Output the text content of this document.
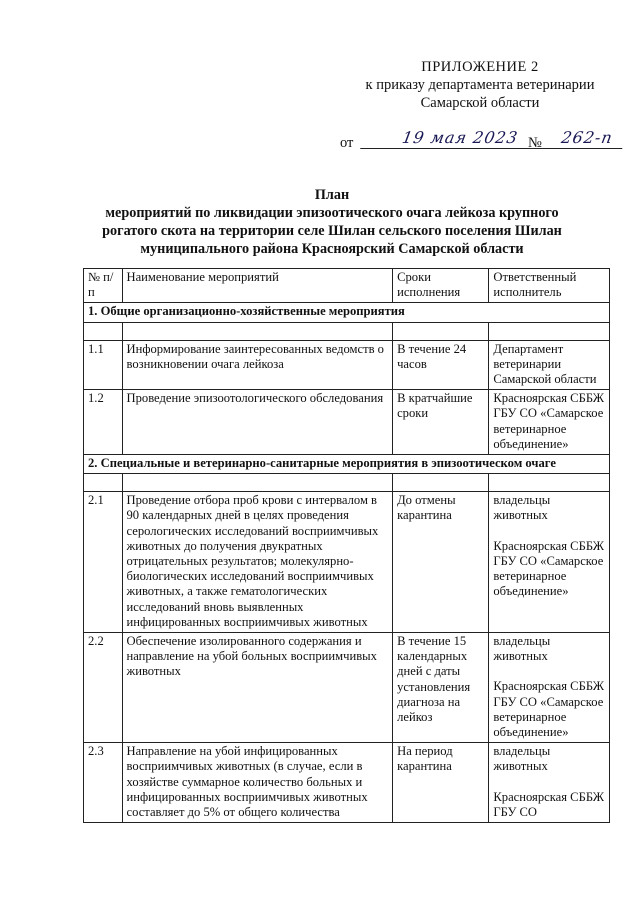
ПРИЛОЖЕНИЕ 2
к приказу департамента ветеринарии
Самарской области
от	19 мая 2023 №	262-п
План
мероприятий по ликвидации эпизоотического очага лейкоза крупного
рогатого скота на территории селе Шилан сельского поселения Шилан
муниципального района Красноярский Самарской области
№ п/п	Наименование мероприятий	Сроки исполнения	Ответственный исполнитель
1. Общие организационно-хозяйственные мероприятия			

1.1	Информирование заинтересованных ведомств о возникновении очага лейкоза	В течение 24 часов	Департамент ветеринарии Самарской области
1.2	Проведение эпизоотологического обследования	В кратчайшие сроки	Красноярская СББЖ ГБУ СО «Самарское ветеринарное объединение»
2. Специальные и ветеринарно-санитарные мероприятия в эпизоотическом очаге			

2.1	Проведение отбора проб крови с интервалом в 90 календарных дней в целях проведения серологических исследований восприимчивых животных до получения двукратных отрицательных результатов; молекулярно-биологических исследований восприимчивых животных, а также гематологических исследований вновь выявленных инфицированных восприимчивых животных	До отмены карантина	владельцы животных
Красноярская СББЖ ГБУ СО «Самарское ветеринарное объединение»

2.2	Обеспечение изолированного содержания и направление на убой больных восприимчивых животных	В течение 15 календарных дней с даты установления диагноза на лейкоз	владельцы животных
Красноярская СББЖ ГБУ СО «Самарское ветеринарное объединение»

2.3	Направление на убой инфицированных восприимчивых животных (в случае, если в хозяйстве суммарное количество больных и инфицированных восприимчивых животных составляет до 5% от общего количества	На период карантина	владельцы животных
Красноярская СББЖ ГБУ СО
